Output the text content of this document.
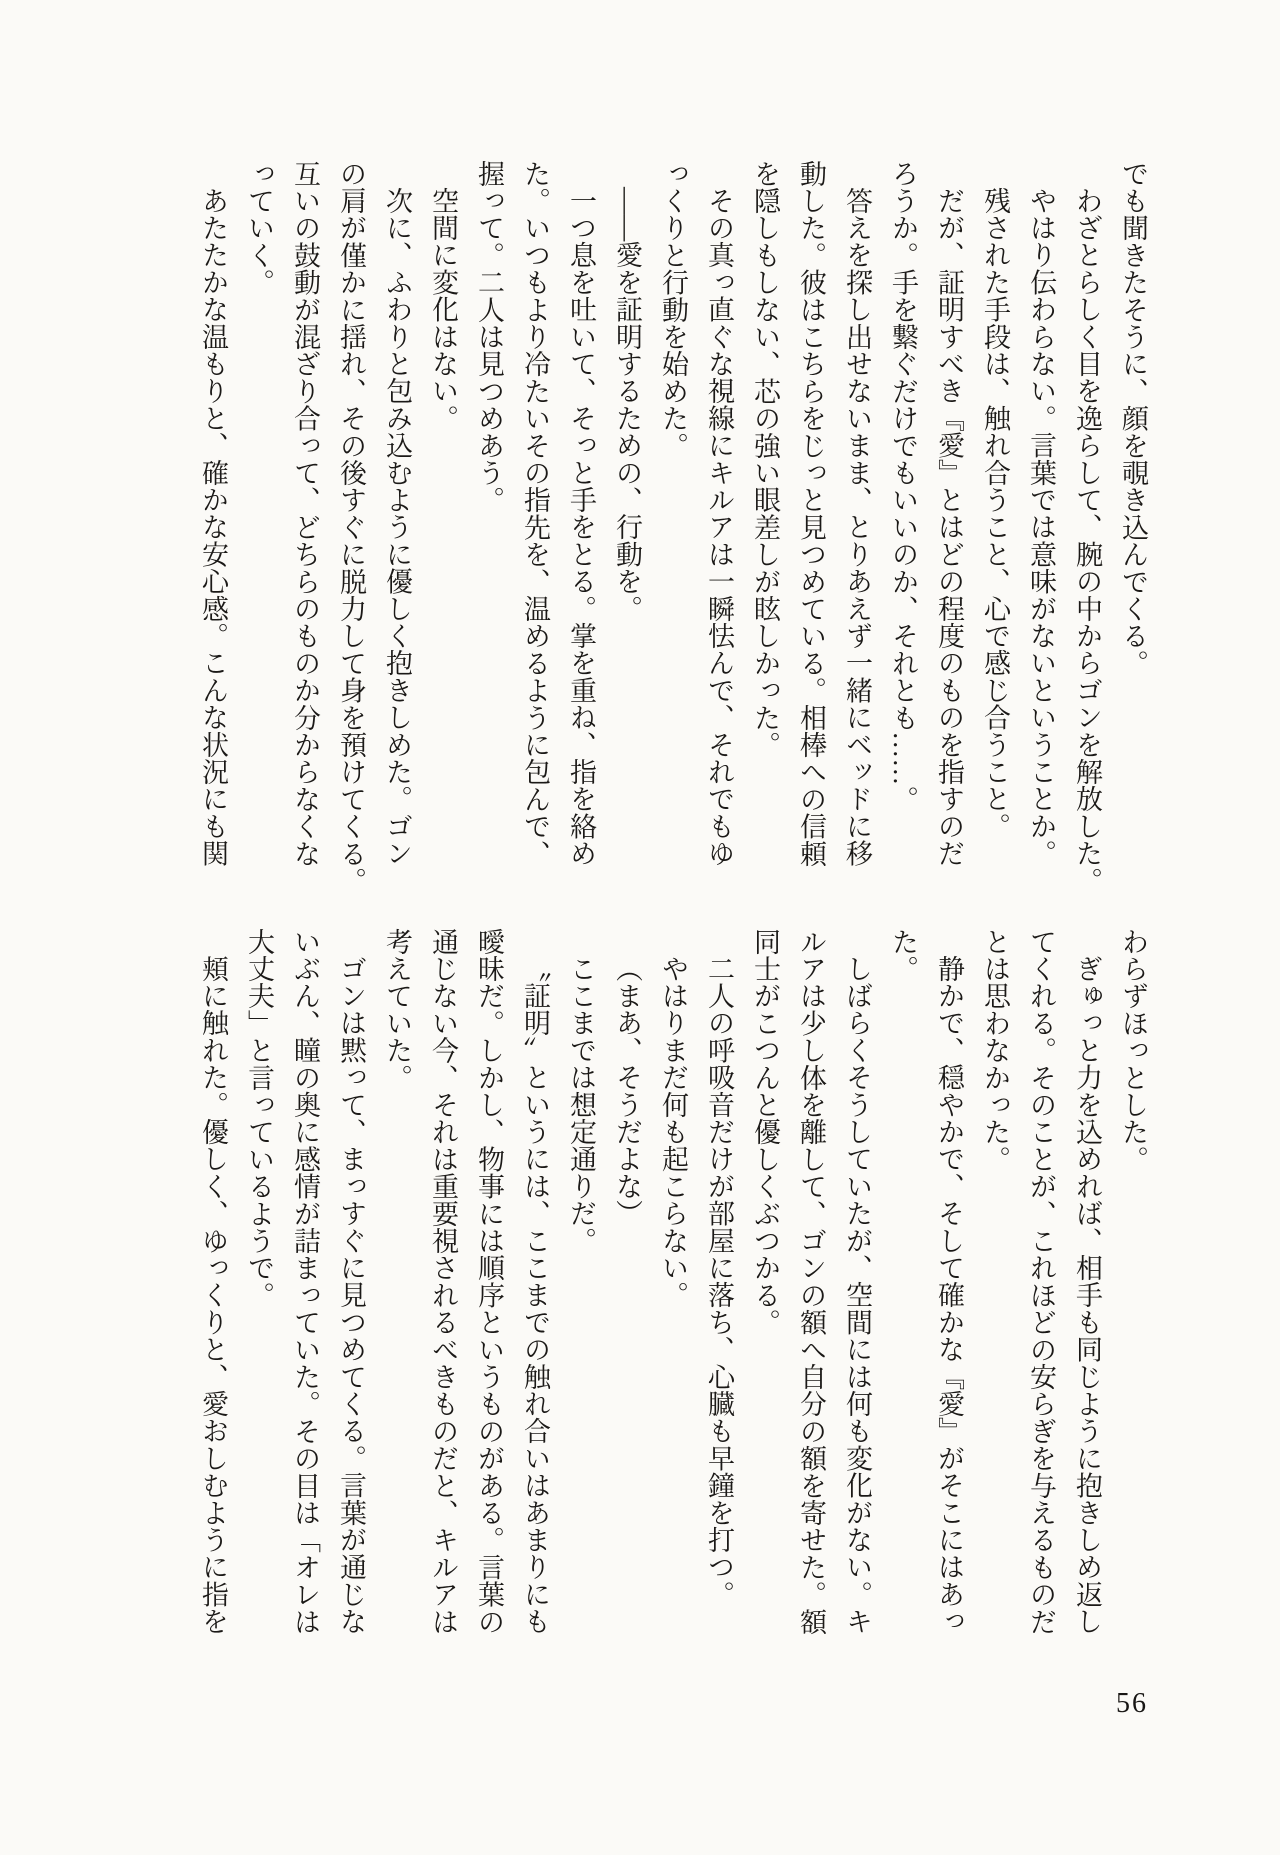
でも聞きたそうに、顔を覗き込んでくる。

わざとらしく目を逸らして、腕の中からゴンを解放した。

やはり伝わらない。言葉では意味がないということか。

残された手段は、触れ合うこと、心で感じ合うこと。

だが、証明すべき『愛』とはどの程度のものを指すのだ

ろうか。手を繋ぐだけでもいいのか、それとも……。

答えを探し出せないまま、とりあえず一緒にベッドに移

動した。彼はこちらをじっと見つめている。相棒への信頼

を隠しもしない、芯の強い眼差しが眩しかった。

その真っ直ぐな視線にキルアは一瞬怯んで、それでもゆ

っくりと行動を始めた。

——愛を証明するための、行動を。

一つ息を吐いて、そっと手をとる。掌を重ね、指を絡め

た。いつもより冷たいその指先を、温めるように包んで、

握って。二人は見つめあう。

空間に変化はない。

次に、ふわりと包み込むように優しく抱きしめた。ゴン

の肩が僅かに揺れ、その後すぐに脱力して身を預けてくる。

互いの鼓動が混ざり合って、どちらのものか分からなくな

っていく。

あたたかな温もりと、確かな安心感。こんな状況にも関

わらずほっとした。

ぎゅっと力を込めれば、相手も同じように抱きしめ返し

てくれる。そのことが、これほどの安らぎを与えるものだ

とは思わなかった。

静かで、穏やかで、そして確かな『愛』がそこにはあっ

た。

しばらくそうしていたが、空間には何も変化がない。キ

ルアは少し体を離して、ゴンの額へ自分の額を寄せた。額

同士がこつんと優しくぶつかる。

二人の呼吸音だけが部屋に落ち、心臓も早鐘を打つ。

やはりまだ何も起こらない。

（まあ、そうだよな）

ここまでは想定通りだ。

〝証明〟というには、ここまでの触れ合いはあまりにも

曖昧だ。しかし、物事には順序というものがある。言葉の

通じない今、それは重要視されるべきものだと、キルアは

考えていた。

ゴンは黙って、まっすぐに見つめてくる。言葉が通じな

いぶん、瞳の奥に感情が詰まっていた。その目は「オレは

大丈夫」と言っているようで。

頬に触れた。優しく、ゆっくりと、愛おしむように指を

56
